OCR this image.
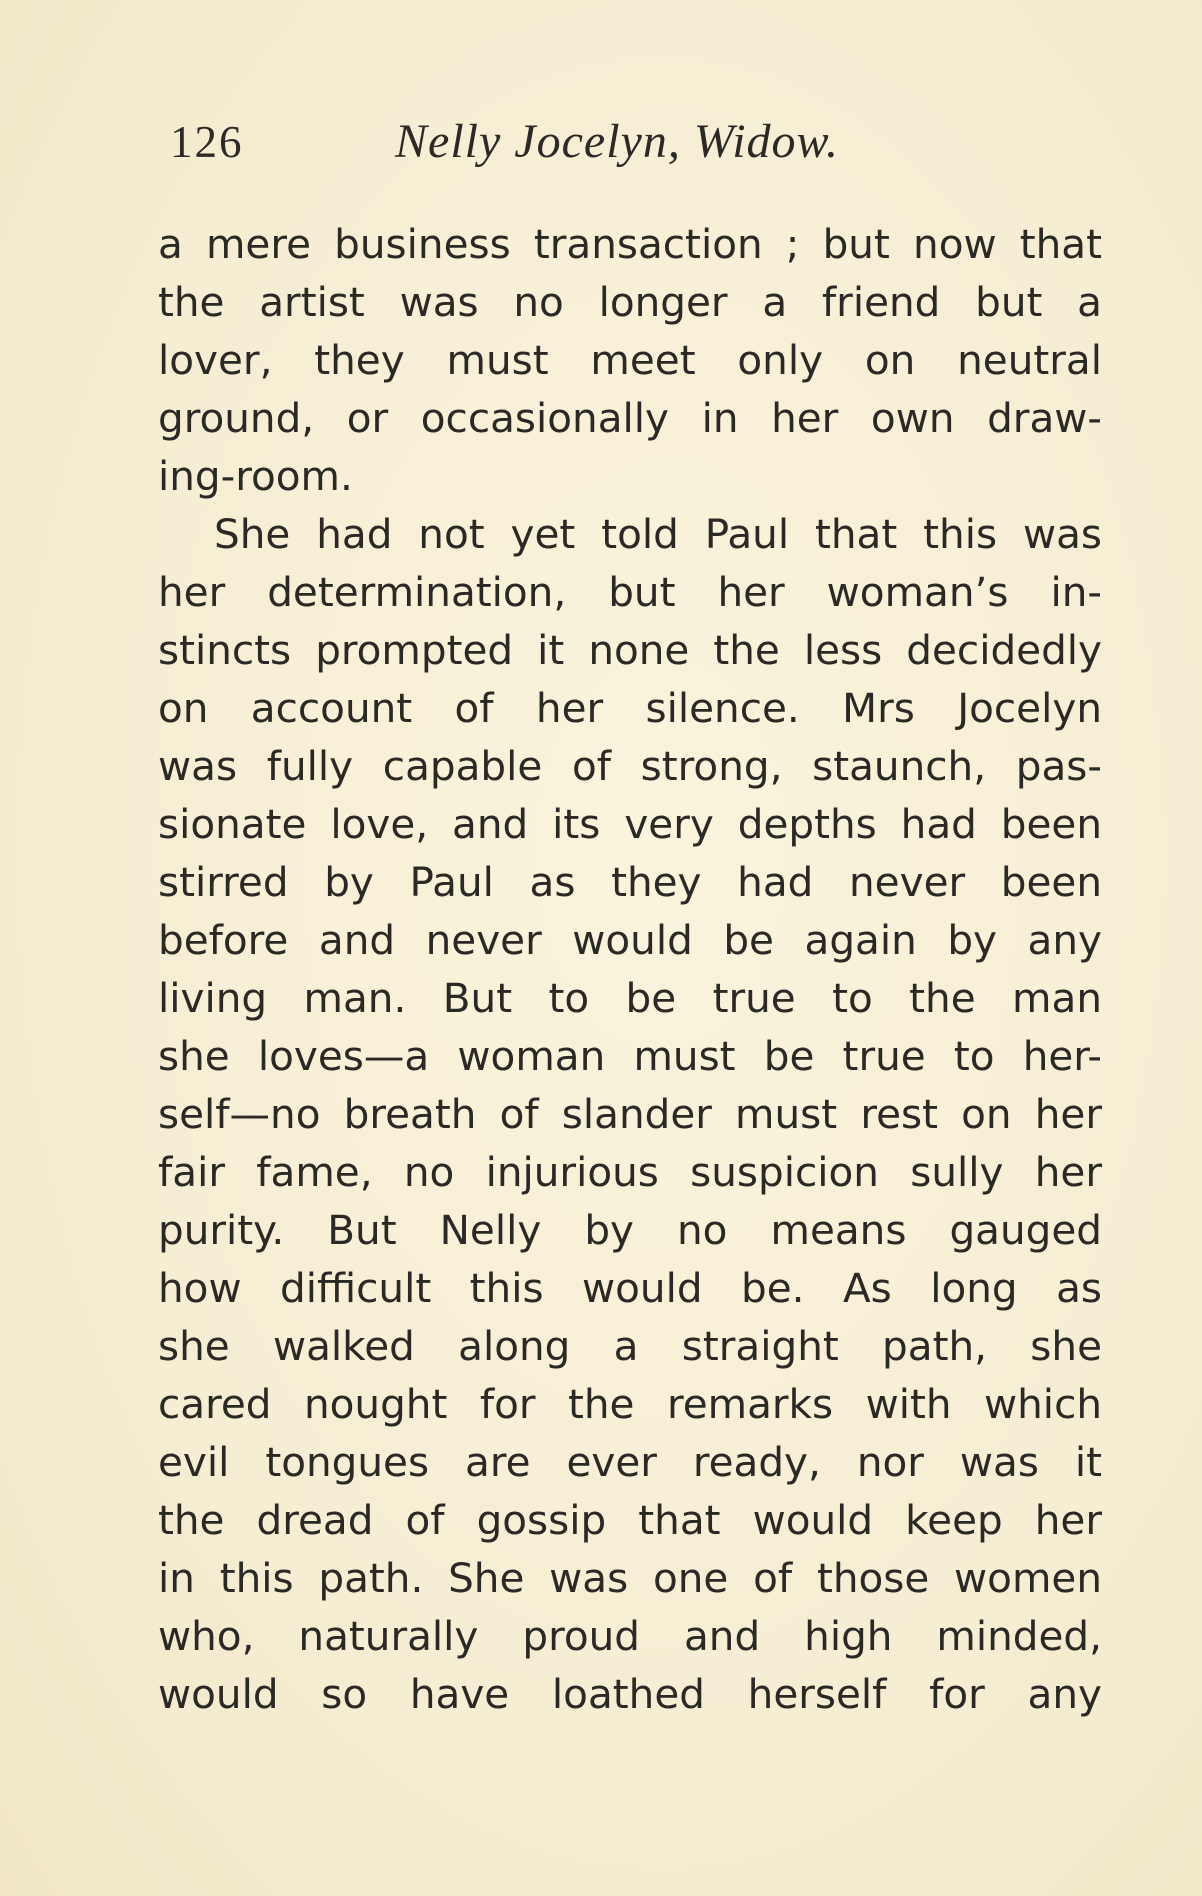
126	Nelly Jocelyn, Widow.
a mere business transaction ; but now that
the artist was no longer a friend but a
lover, they must meet only on neutral
ground, or occasionally in her own draw-
ing-room.
She had not yet told Paul that this was
her determination, but her woman’s in-
stincts prompted it none the less decidedly
on account of her silence. Mrs Jocelyn
was fully capable of strong, staunch, pas-
sionate love, and its very depths had been
stirred by Paul as they had never been
before and never would be again by any
living man. But to be true to the man
she loves—a woman must be true to her-
self—no breath of slander must rest on her
fair fame, no injurious suspicion sully her
purity. But Nelly by no means gauged
how difficult this would be. As long as
she walked along a straight path, she
cared nought for the remarks with which
evil tongues are ever ready, nor was it
the dread of gossip that would keep her
in this path. She was one of those women
who, naturally proud and high minded,
would so have loathed herself for any
